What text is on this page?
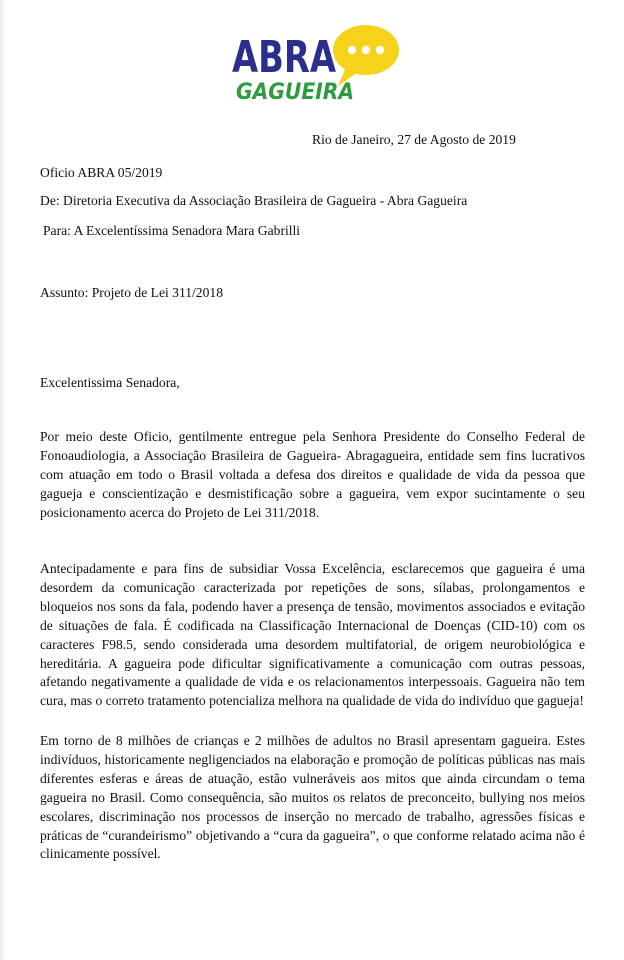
ABRA
GAGUEIRA
Rio de Janeiro, 27 de Agosto de 2019
Oficio ABRA 05/2019
De: Diretoria Executiva da Associação Brasileira de Gagueira - Abra Gagueira
Para: A Excelentíssima Senadora Mara Gabrilli
Assunto: Projeto de Lei 311/2018
Excelentissima Senadora,
Por meio deste Oficio, gentilmente entregue pela Senhora Presidente do Conselho Federal de Fonoaudiologia, a Associação Brasileira de Gagueira- Abragagueira, entidade sem fins lucrativos com atuação em todo o Brasil voltada a defesa dos direitos e qualidade de vida da pessoa que gagueja e conscientização e desmistificação sobre a gagueira, vem expor sucintamente o seu posicionamento acerca do Projeto de Lei 311/2018.
Antecipadamente e para fins de subsidiar Vossa Excelência, esclarecemos que gagueira é uma desordem da comunicação caracterizada por repetições de sons, sílabas, prolongamentos e bloqueios nos sons da fala, podendo haver a presença de tensão, movimentos associados e evitação de situações de fala. É codificada na Classificação Internacional de Doenças (CID-10) com os caracteres F98.5, sendo considerada uma desordem multifatorial, de origem neurobiológica e hereditária. A gagueira pode dificultar significativamente a comunicação com outras pessoas, afetando negativamente a qualidade de vida e os relacionamentos interpessoais. Gagueira não tem cura, mas o correto tratamento potencializa melhora na qualidade de vida do indivíduo que gagueja!
Em torno de 8 milhões de crianças e 2 milhões de adultos no Brasil apresentam gagueira. Estes indivíduos, historicamente negligenciados na elaboração e promoção de políticas públicas nas mais diferentes esferas e áreas de atuação, estão vulneráveis aos mitos que ainda circundam o tema gagueira no Brasil. Como consequência, são muitos os relatos de preconceito, bullying nos meios escolares, discriminação nos processos de inserção no mercado de trabalho, agressões físicas e práticas de “curandeirismo” objetivando a “cura da gagueira”, o que conforme relatado acima não é clinicamente possível.
